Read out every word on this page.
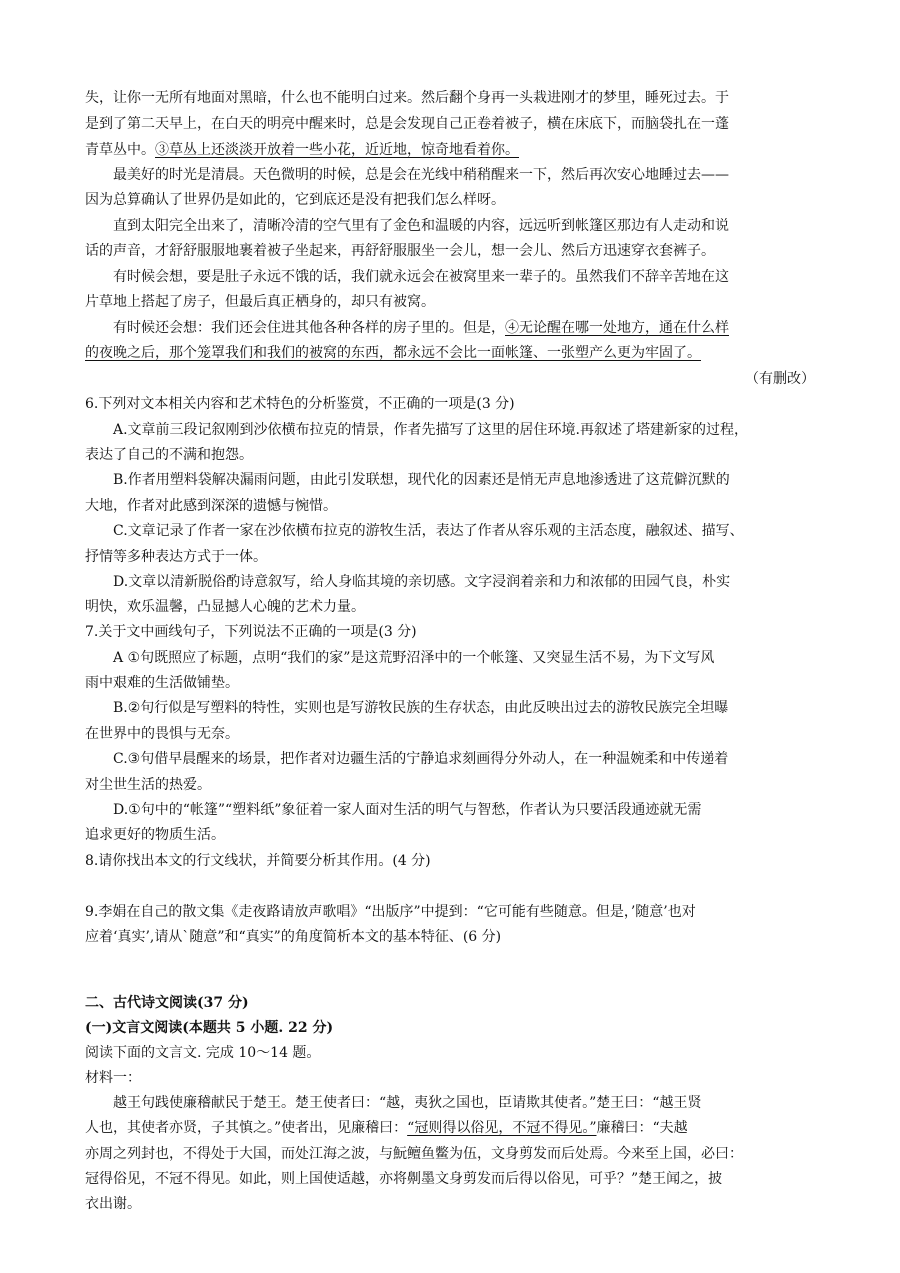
失，让你一无所有地面对黑暗，什么也不能明白过来。然后翻个身再一头栽进刚才的梦里，睡死过去。于
是到了第二天早上，在白天的明亮中醒来时，总是会发现自己正卷着被子，横在床底下，而脑袋扎在一蓬
青草丛中。③草丛上还淡淡开放着一些小花，近近地，惊奇地看着你。
最美好的时光是清晨。天色微明的时候，总是会在光线中稍稍醒来一下，然后再次安心地睡过去——
因为总算确认了世界仍是如此的，它到底还是没有把我们怎么样呀。
直到太阳完全出来了，清晰冷清的空气里有了金色和温暖的内容，远远听到帐篷区那边有人走动和说
话的声音，才舒舒服服地裹着被子坐起来，再舒舒服服坐一会儿，想一会儿、然后方迅速穿衣套裤子。
有时候会想，要是肚子永远不饿的话，我们就永远会在被窝里来一辈子的。虽然我们不辞辛苦地在这
片草地上搭起了房子，但最后真正栖身的，却只有被窝。
有时候还会想：我们还会住进其他各种各样的房子里的。但是，④无论醒在哪一处地方，通在什么样
的夜晚之后，那个笼罩我们和我们的被窝的东西，都永远不会比一面帐篷、一张塑产么更为牢固了。
（有删改）
6.下列对文本相关内容和艺术特色的分析鉴赏，不正确的一项是(3 分)
A.文章前三段记叙刚到沙依横布拉克的情景，作者先描写了这里的居住环境.再叙述了塔建新家的过程，
表达了自己的不满和抱怨。
B.作者用塑料袋解决漏雨问题，由此引发联想，现代化的因素还是悄无声息地渗透进了这荒僻沉默的
大地，作者对此感到深深的遗憾与惋惜。
C.文章记录了作者一家在沙依横布拉克的游牧生活，表达了作者从容乐观的主活态度，融叙述、描写、
抒情等多种表达方式于一体。
D.文章以清新脱俗酌诗意叙写，给人身临其境的亲切感。文字浸润着亲和力和浓郁的田园气良，朴实
明快，欢乐温馨，凸显撼人心魄的艺术力量。
7.关于文中画线句子，下列说法不正确的一项是(3 分)
A ①句既照应了标题，点明“我们的家”是这荒野沼泽中的一个帐篷、又突显生活不易，为下文写风
雨中艰难的生活做铺垫。
B.②句行似是写塑料的特性，实则也是写游牧民族的生存状态，由此反映出过去的游牧民族完全坦曝
在世界中的畏惧与无奈。
C.③句借早晨醒来的场景，把作者对边疆生活的宁静追求刻画得分外动人，在一种温婉柔和中传递着
对尘世生活的热爱。
D.①句中的“帐篷”“塑料纸”象征着一家人面对生活的明气与智愁，作者认为只要活段通迹就无需
追求更好的物质生活。
8.请你找出本文的行文线状，并简要分析其作用。(4 分)
9.李娟在自己的散文集《走夜路请放声歌唱》“出版序”中提到：“它可能有些随意。但是，’随意’也对
应着‘真实’,请从`随意”和“真实”的角度简析本文的基本特征、(6 分)
二、古代诗文阅读(37 分)
(一)文言文阅读(本题共 5 小题. 22 分)
阅读下面的文言文. 完成 10～14 题。
材料一：
越王句践使廉稽献民于楚王。楚王使者曰：“越，夷狄之国也，臣请欺其使者。”楚王曰：“越王贤
人也，其使者亦贤，子其慎之。”使者出，见廉稽曰：“冠则得以俗见，不冠不得见。”廉稽曰：“夫越
亦周之列封也，不得处于大国，而处江海之波，与魭鳣鱼鳖为伍，文身剪发而后处焉。今来至上国，必曰：
冠得俗见，不冠不得见。如此，则上国使适越，亦将劓墨文身剪发而后得以俗见，可乎？”楚王闻之，披
衣出谢。
